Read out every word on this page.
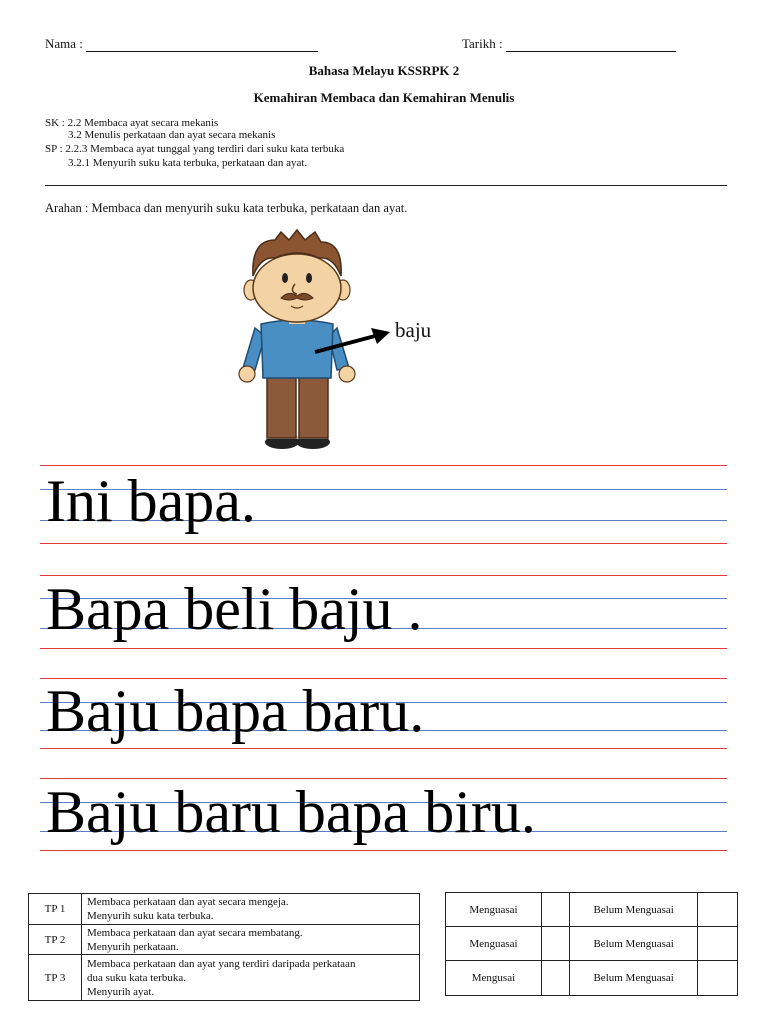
Nama :	Tarikh :
Bahasa Melayu KSSRPK 2
Kemahiran Membaca dan Kemahiran Menulis
SK : 2.2 Membaca ayat secara mekanis
3.2 Menulis perkataan dan ayat secara mekanis
SP : 2.2.3 Membaca ayat tunggal yang terdiri dari suku kata terbuka
3.2.1 Menyurih suku kata terbuka, perkataan dan ayat.
Arahan : Membaca dan menyurih suku kata terbuka, perkataan dan ayat.
baju
Ini bapa.
Bapa beli baju .
Baju bapa baru.
Baju baru bapa biru.
TP 1	Membaca perkataan dan ayat secara mengeja.
Menyurih suku kata terbuka.

TP 2	Membaca perkataan dan ayat secara membatang.
Menyurih perkataan.

TP 3	Membaca perkataan dan ayat yang terdiri daripada perkataan
dua suku kata terbuka.
Menyurih ayat.
Menguasai		Belum Menguasai	
Menguasai		Belum Menguasai	
Mengusai		Belum Menguasai	
